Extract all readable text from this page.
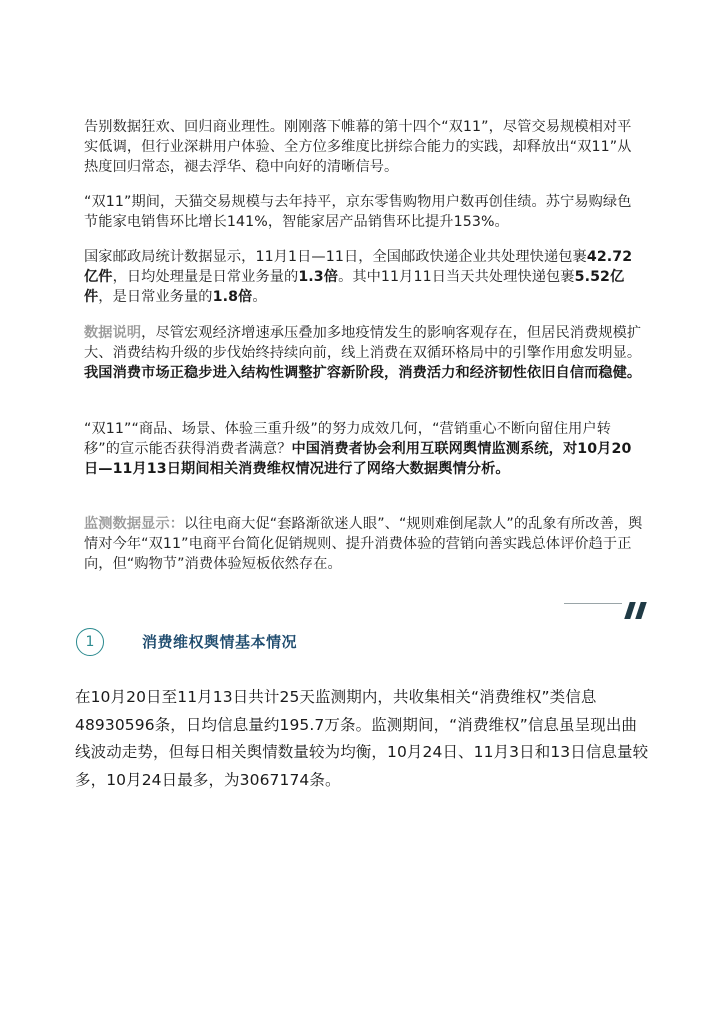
告别数据狂欢、回归商业理性。刚刚落下帷幕的第十四个“双11”，尽管交易规模相对平实低调，但行业深耕用户体验、全方位多维度比拼综合能力的实践，却释放出“双11”从热度回归常态，褪去浮华、稳中向好的清晰信号。

“双11”期间，天猫交易规模与去年持平，京东零售购物用户数再创佳绩。苏宁易购绿色节能家电销售环比增长141%，智能家居产品销售环比提升153%。

国家邮政局统计数据显示，11月1日—11日，全国邮政快递企业共处理快递包裹42.72亿件，日均处理量是日常业务量的1.3倍。其中11月11日当天共处理快递包裹5.52亿件，是日常业务量的1.8倍。

数据说明，尽管宏观经济增速承压叠加多地疫情发生的影响客观存在，但居民消费规模扩大、消费结构升级的步伐始终持续向前，线上消费在双循环格局中的引擎作用愈发明显。我国消费市场正稳步进入结构性调整扩容新阶段，消费活力和经济韧性依旧自信而稳健。

“双11”“商品、场景、体验三重升级”的努力成效几何，“营销重心不断向留住用户转移”的宣示能否获得消费者满意？中国消费者协会利用互联网舆情监测系统，对10月20日—11月13日期间相关消费维权情况进行了网络大数据舆情分析。

监测数据显示：以往电商大促“套路渐欲迷人眼”、“规则难倒尾款人”的乱象有所改善，舆情对今年“双11”电商平台简化促销规则、提升消费体验的营销向善实践总体评价趋于正向，但“购物节”消费体验短板依然存在。

1	消费维权舆情基本情况

在10月20日至11月13日共计25天监测期内，共收集相关“消费维权”类信息48930596条，日均信息量约195.7万条。监测期间，“消费维权”信息虽呈现出曲线波动走势，但每日相关舆情数量较为均衡，10月24日、11月3日和13日信息量较多，10月24日最多，为3067174条。
